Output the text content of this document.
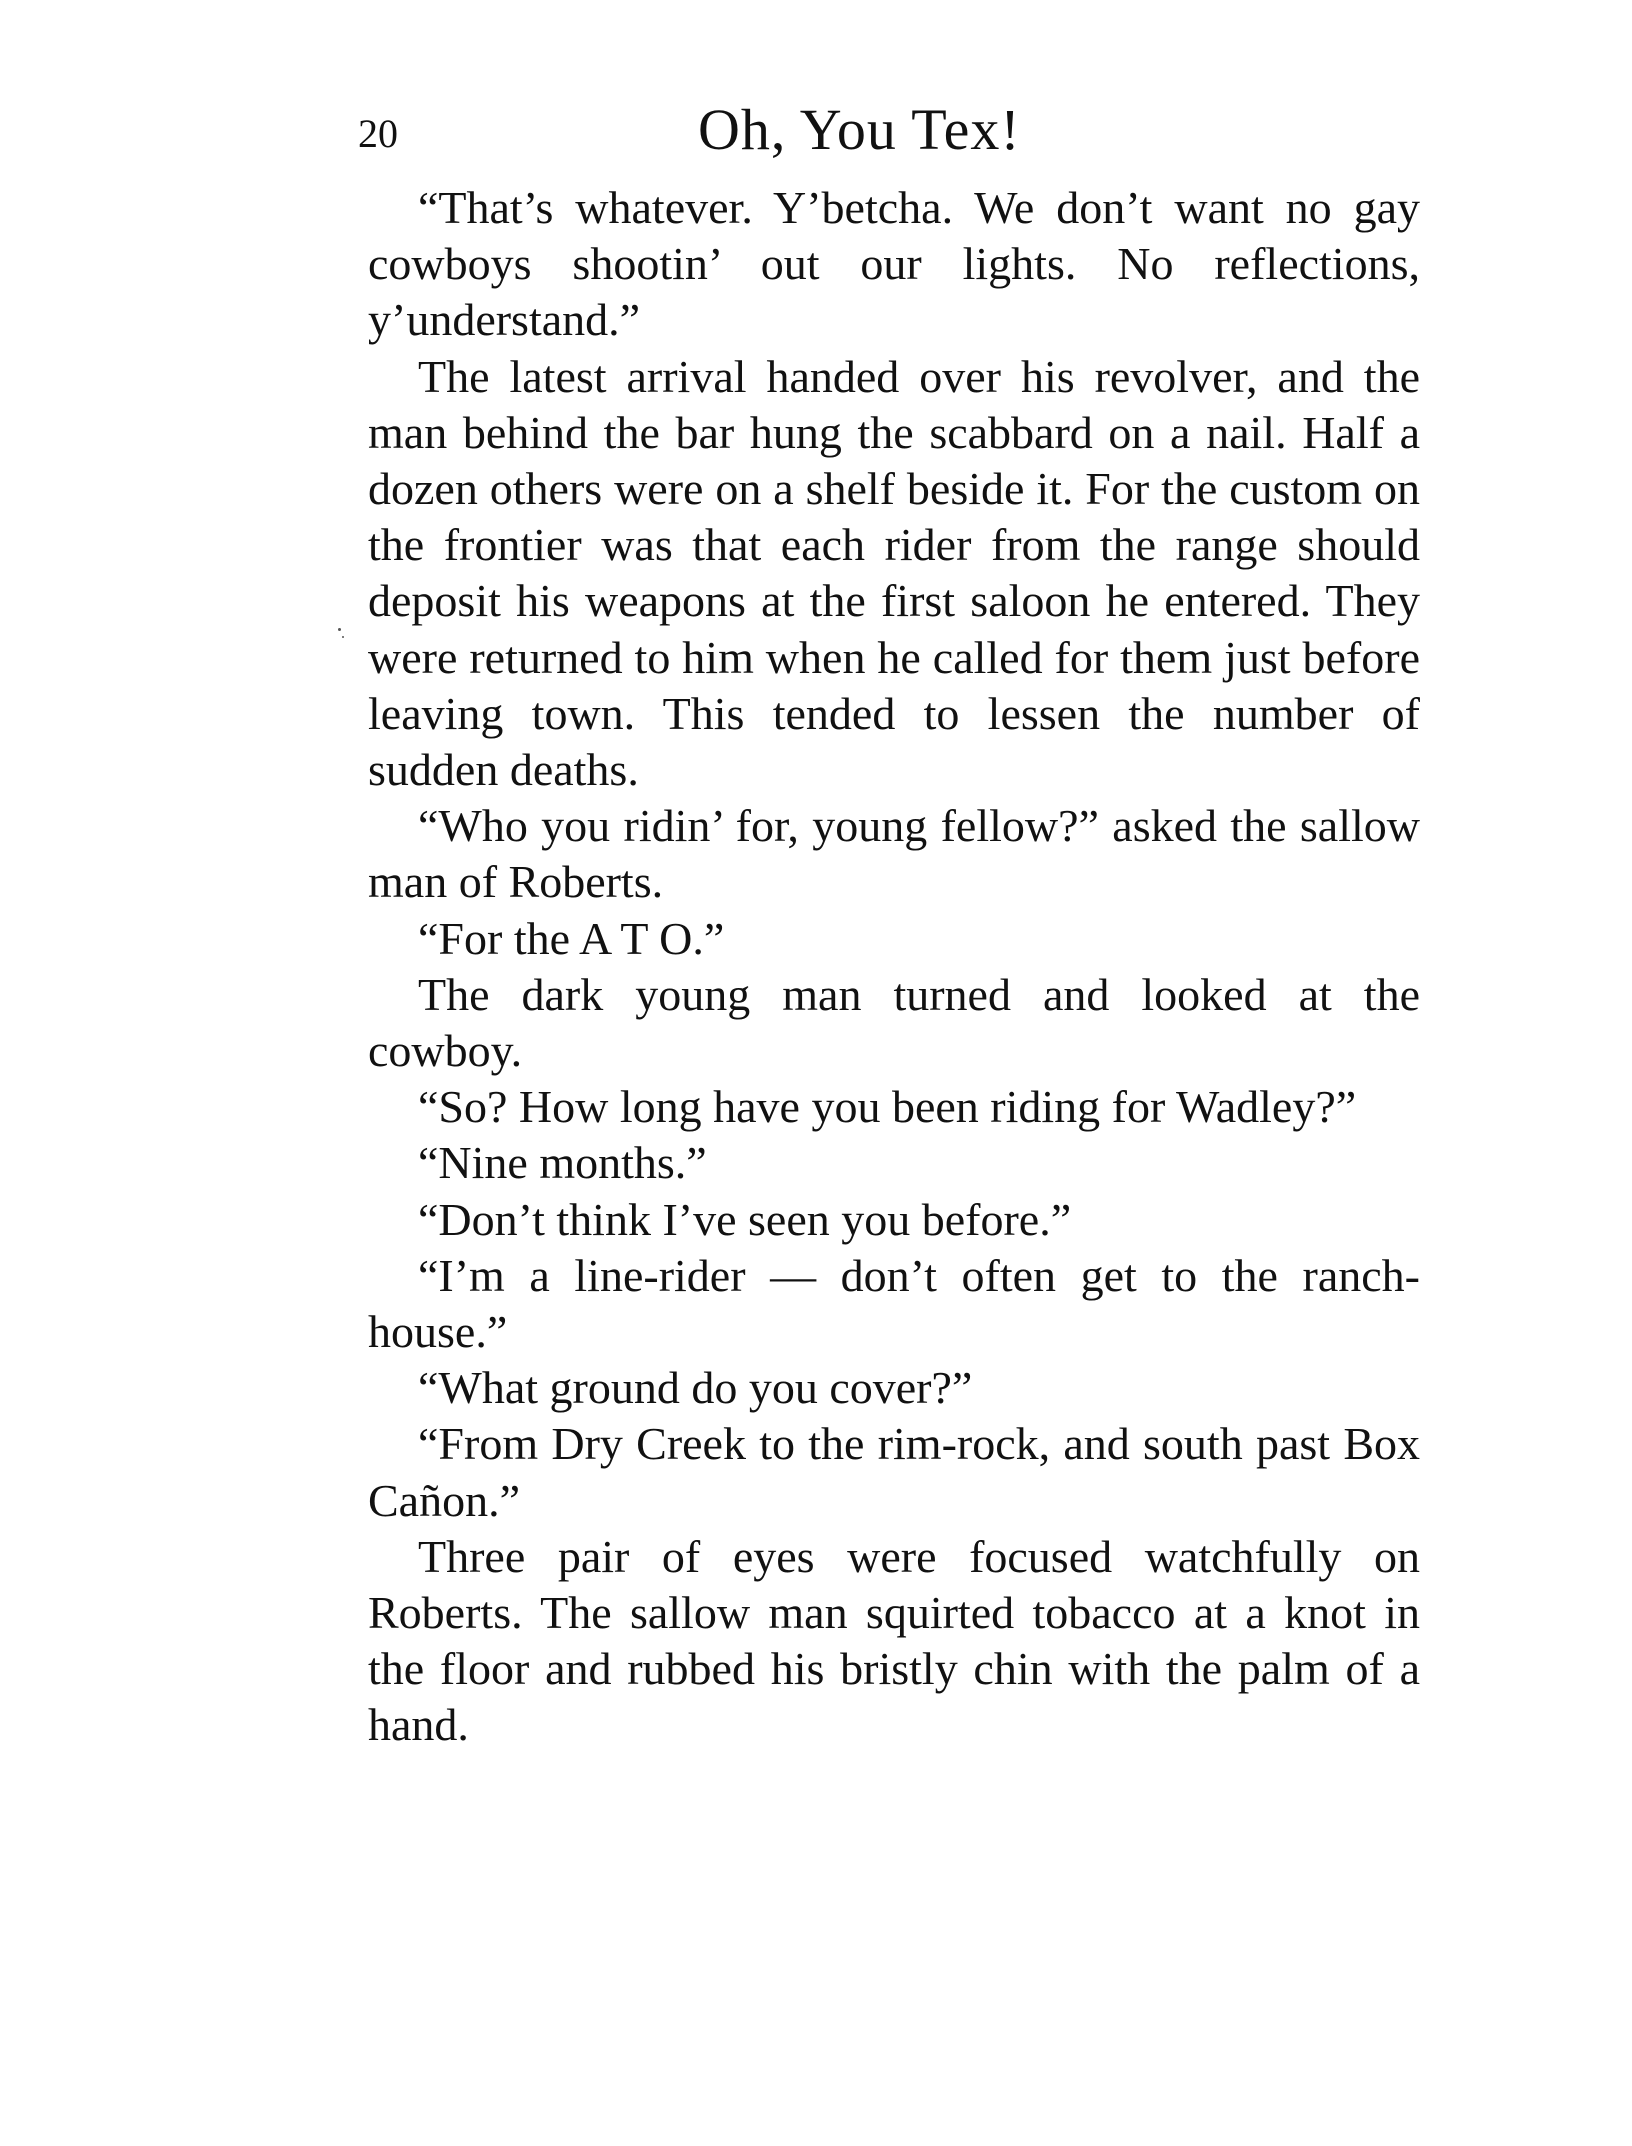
20	Oh, You Tex!

“That’s whatever. Y’betcha. We don’t want no gay cowboys shootin’ out our lights. No reflections, y’understand.”

The latest arrival handed over his revolver, and the man behind the bar hung the scabbard on a nail. Half a dozen others were on a shelf beside it. For the custom on the frontier was that each rider from the range should deposit his weapons at the first saloon he entered. They were returned to him when he called for them just before leaving town. This tended to lessen the number of sudden deaths.

“Who you ridin’ for, young fellow?” asked the sallow man of Roberts.

“For the A T O.”

The dark young man turned and looked at the cowboy.

“So? How long have you been riding for Wadley?”

“Nine months.”

“Don’t think I’ve seen you before.”

“I’m a line-rider — don’t often get to the ranch-house.”

“What ground do you cover?”

“From Dry Creek to the rim-rock, and south past Box Cañon.”

Three pair of eyes were focused watchfully on Roberts. The sallow man squirted tobacco at a knot in the floor and rubbed his bristly chin with the palm of a hand.
